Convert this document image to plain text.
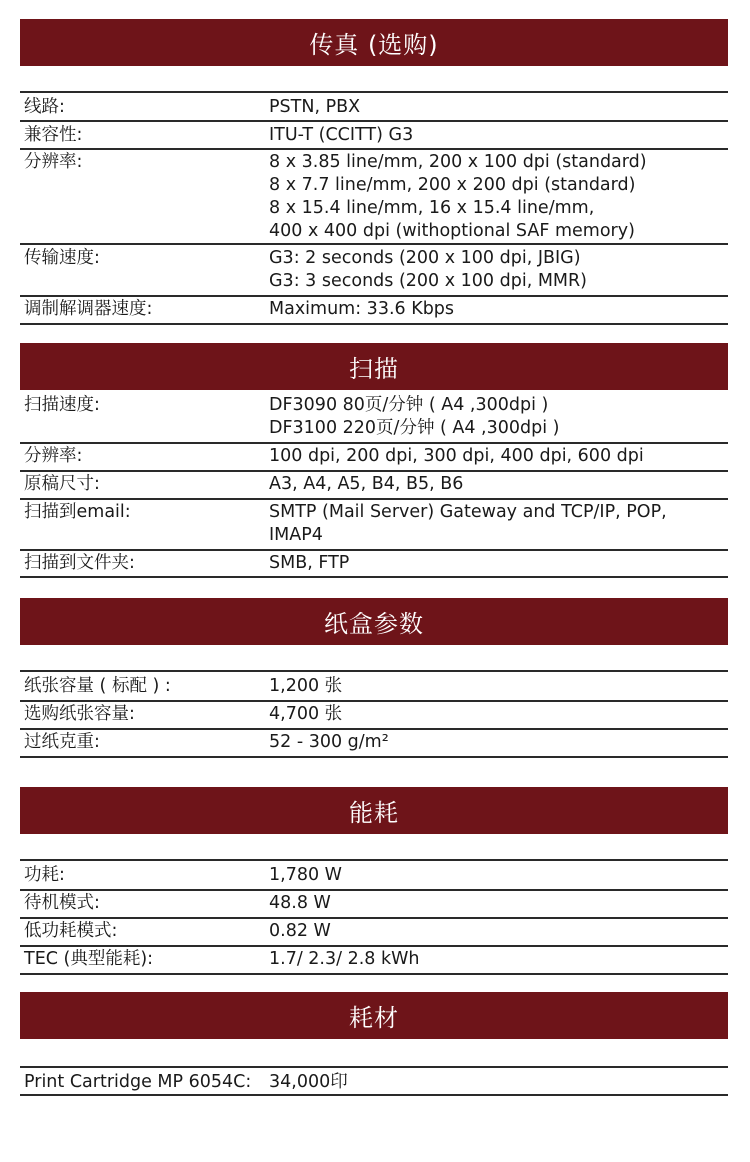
传真 (选购)
线路:	PSTN, PBX
兼容性:	ITU-T (CCITT) G3
分辨率:	8 x 3.85 line/mm, 200 x 100 dpi (standard)
8 x 7.7 line/mm, 200 x 200 dpi (standard)
8 x 15.4 line/mm, 16 x 15.4 line/mm,
400 x 400 dpi (withoptional SAF memory)
传输速度:	G3: 2 seconds (200 x 100 dpi, JBIG)
G3: 3 seconds (200 x 100 dpi, MMR)
调制解调器速度:	Maximum: 33.6 Kbps
扫描
扫描速度:	DF3090 80页/分钟 ( A4 ,300dpi )
DF3100 220页/分钟 ( A4 ,300dpi )
分辨率:	100 dpi, 200 dpi, 300 dpi, 400 dpi, 600 dpi
原稿尺寸:	A3, A4, A5, B4, B5, B6
扫描到email:	SMTP (Mail Server) Gateway and TCP/IP, POP,
IMAP4
扫描到文件夹:	SMB, FTP
纸盒参数
纸张容量 ( 标配 ) :	1,200 张
选购纸张容量:	4,700 张
过纸克重:	52 - 300 g/m²
能耗
功耗:	1,780 W
待机模式:	48.8 W
低功耗模式:	0.82 W
TEC (典型能耗):	1.7/ 2.3/ 2.8 kWh
耗材
Print Cartridge MP 6054C: 34,000印
